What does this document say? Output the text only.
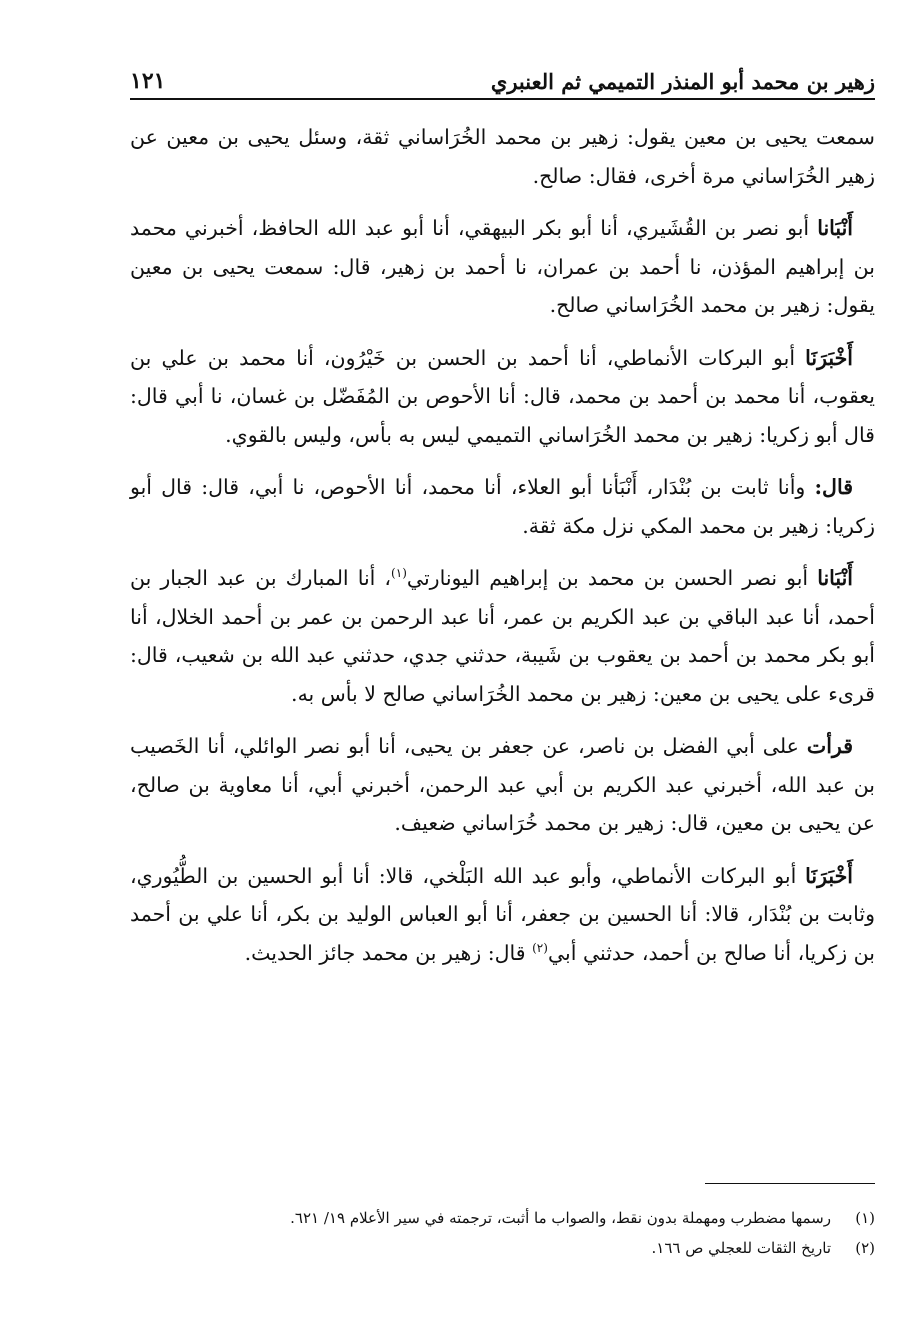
زهير بن محمد أبو المنذر التميمي ثم العنبري
١٢١

سمعت يحيى بن معين يقول: زهير بن محمد الخُرَاساني ثقة، وسئل يحيى بن معين عن زهير الخُرَاساني مرة أخرى، فقال: صالح.

أَنْبَانا أبو نصر بن القُشَيري، أنا أبو بكر البيهقي، أنا أبو عبد الله الحافظ، أخبرني محمد بن إبراهيم المؤذن، نا أحمد بن عمران، نا أحمد بن زهير، قال: سمعت يحيى بن معين يقول: زهير بن محمد الخُرَاساني صالح.

أَخْبَرَنَا أبو البركات الأنماطي، أنا أحمد بن الحسن بن خَيْرُون، أنا محمد بن علي بن يعقوب، أنا محمد بن أحمد بن محمد، قال: أنا الأحوص بن المُفَضّل بن غسان، نا أبي قال: قال أبو زكريا: زهير بن محمد الخُرَاساني التميمي ليس به بأس، وليس بالقوي.

قال: وأنا ثابت بن بُنْدَار، أَنْبَأنا أبو العلاء، أنا محمد، أنا الأحوص، نا أبي، قال: قال أبو زكريا: زهير بن محمد المكي نزل مكة ثقة.

أَنْبَانا أبو نصر الحسن بن محمد بن إبراهيم اليونارتي$^{(١)}$، أنا المبارك بن عبد الجبار بن أحمد، أنا عبد الباقي بن عبد الكريم بن عمر، أنا عبد الرحمن بن عمر بن أحمد الخلال، أنا أبو بكر محمد بن أحمد بن يعقوب بن شَيبة، حدثني جدي، حدثني عبد الله بن شعيب، قال: قرىء على يحيى بن معين: زهير بن محمد الخُرَاساني صالح لا بأس به.

قرأت على أبي الفضل بن ناصر، عن جعفر بن يحيى، أنا أبو نصر الوائلي، أنا الخَصيب بن عبد الله، أخبرني عبد الكريم بن أبي عبد الرحمن، أخبرني أبي، أنا معاوية بن صالح، عن يحيى بن معين، قال: زهير بن محمد خُرَاساني ضعيف.

أَخْبَرَنَا أبو البركات الأنماطي، وأبو عبد الله البَلْخي، قالا: أنا أبو الحسين بن الطُّيُوري، وثابت بن بُنْدَار، قالا: أنا الحسين بن جعفر، أنا أبو العباس الوليد بن بكر، أنا علي بن أحمد بن زكريا، أنا صالح بن أحمد، حدثني أبي$^{(٢)}$ قال: زهير بن محمد جائز الحديث.

(١)
رسمها مضطرب ومهملة بدون نقط، والصواب ما أثبت، ترجمته في سير الأعلام ١٩/ ٦٢١.
(٢)
تاريخ الثقات للعجلي ص ١٦٦.
